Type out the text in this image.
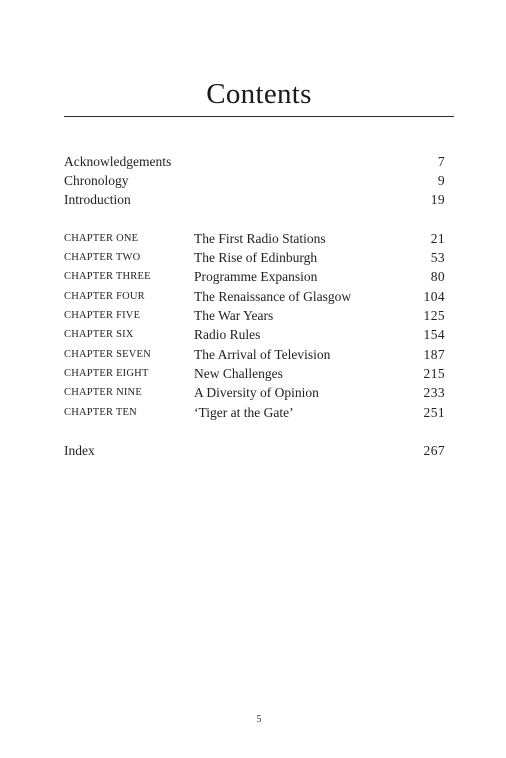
Contents
Acknowledgements	7
Chronology	9
Introduction	19
CHAPTER ONE	The First Radio Stations	21
CHAPTER TWO	The Rise of Edinburgh	53
CHAPTER THREE	Programme Expansion	80
CHAPTER FOUR	The Renaissance of Glasgow	104
CHAPTER FIVE	The War Years	125
CHAPTER SIX	Radio Rules	154
CHAPTER SEVEN	The Arrival of Television	187
CHAPTER EIGHT	New Challenges	215
CHAPTER NINE	A Diversity of Opinion	233
CHAPTER TEN	‘Tiger at the Gate’	251
Index	267
5
